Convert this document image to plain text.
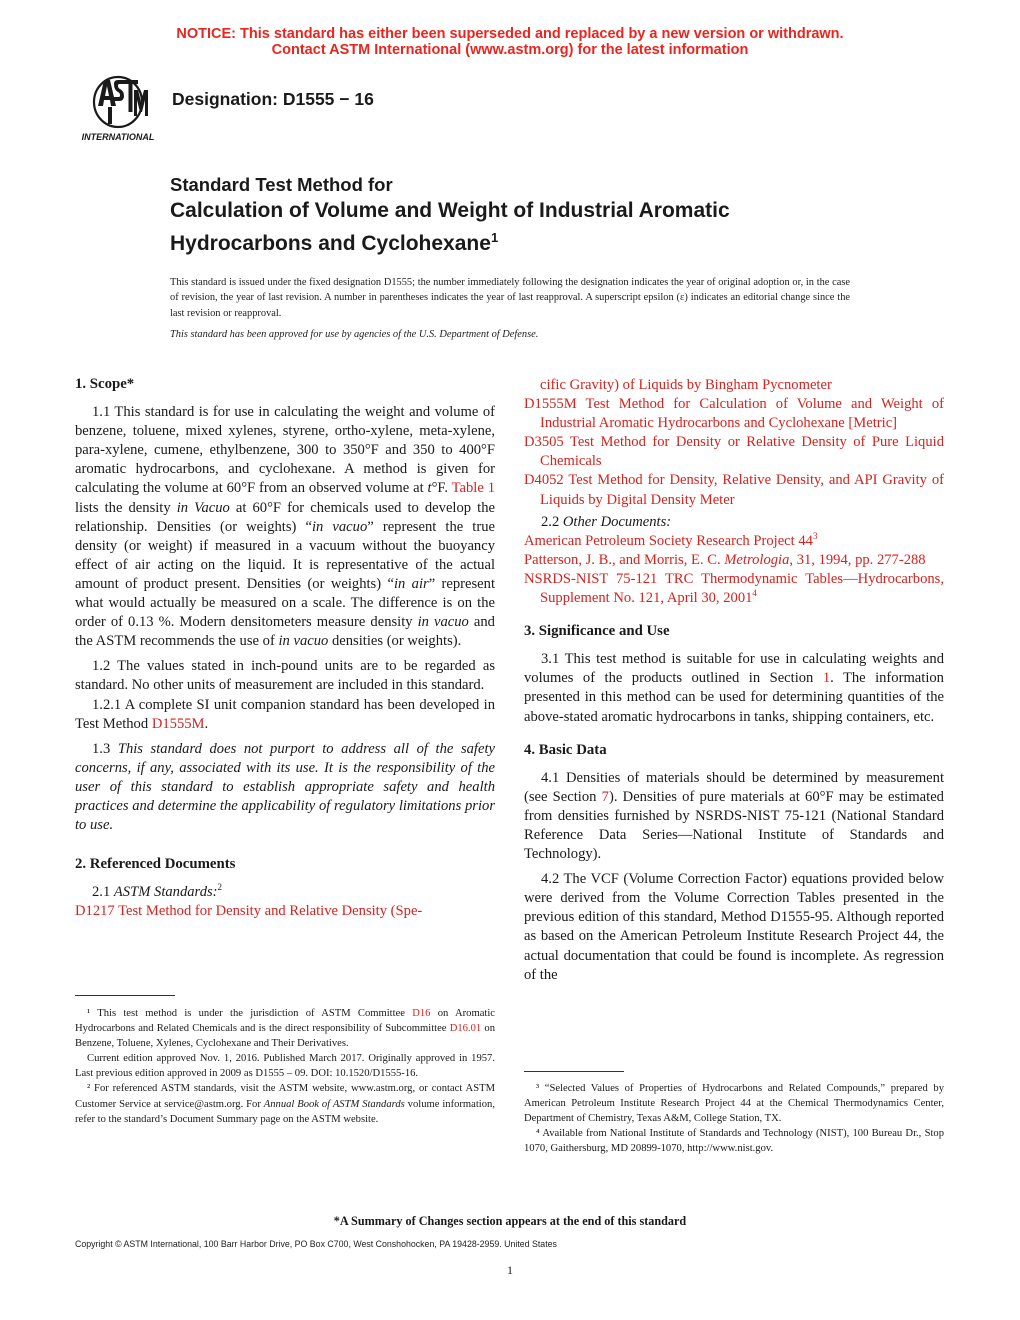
NOTICE: This standard has either been superseded and replaced by a new version or withdrawn.
Contact ASTM International (www.astm.org) for the latest information
INTERNATIONAL
Designation: D1555 − 16
Standard Test Method for
Calculation of Volume and Weight of Industrial Aromatic
Hydrocarbons and Cyclohexane$^1$
This standard is issued under the fixed designation D1555; the number immediately following the designation indicates the year of original adoption or, in the case of revision, the year of last revision. A number in parentheses indicates the year of last reapproval. A superscript epsilon (ε) indicates an editorial change since the last revision or reapproval.
This standard has been approved for use by agencies of the U.S. Department of Defense.
1. Scope*

1.1 This standard is for use in calculating the weight and volume of benzene, toluene, mixed xylenes, styrene, ortho-xylene, meta-xylene, para-xylene, cumene, ethylbenzene, 300 to 350°F and 350 to 400°F aromatic hydrocarbons, and cyclohexane. A method is given for calculating the volume at 60°F from an observed volume at t°F. Table 1 lists the density in Vacuo at 60°F for chemicals used to develop the relationship. Densities (or weights) “in vacuo” represent the true density (or weight) if measured in a vacuum without the buoyancy effect of air acting on the liquid. It is representative of the actual amount of product present. Densities (or weights) “in air” represent what would actually be measured on a scale. The difference is on the order of 0.13 %. Modern densitometers measure density in vacuo and the ASTM recommends the use of in vacuo densities (or weights).

1.2 The values stated in inch-pound units are to be regarded as standard. No other units of measurement are included in this standard.

1.2.1 A complete SI unit companion standard has been developed in Test Method D1555M.

1.3 This standard does not purport to address all of the safety concerns, if any, associated with its use. It is the responsibility of the user of this standard to establish appropriate safety and health practices and determine the applicability of regulatory limitations prior to use.

2. Referenced Documents

2.1 ASTM Standards:$^2$

D1217 Test Method for Density and Relative Density (Spe-

¹ This test method is under the jurisdiction of ASTM Committee D16 on Aromatic Hydrocarbons and Related Chemicals and is the direct responsibility of Subcommittee D16.01 on Benzene, Toluene, Xylenes, Cyclohexane and Their Derivatives.

Current edition approved Nov. 1, 2016. Published March 2017. Originally approved in 1957. Last previous edition approved in 2009 as D1555 – 09. DOI: 10.1520/D1555-16.

² For referenced ASTM standards, visit the ASTM website, www.astm.org, or contact ASTM Customer Service at service@astm.org. For Annual Book of ASTM Standards volume information, refer to the standard’s Document Summary page on the ASTM website.

cific Gravity) of Liquids by Bingham Pycnometer

D1555M Test Method for Calculation of Volume and Weight of Industrial Aromatic Hydrocarbons and Cyclohexane [Metric]

D3505 Test Method for Density or Relative Density of Pure Liquid Chemicals

D4052 Test Method for Density, Relative Density, and API Gravity of Liquids by Digital Density Meter

2.2 Other Documents:

American Petroleum Society Research Project $44^3$

Patterson, J. B., and Morris, E. C. Metrologia, 31, 1994, pp. 277-288

NSRDS-NIST 75-121 TRC Thermodynamic Tables—Hydrocarbons, Supplement No. 121, April 30, 2001$^4$

3. Significance and Use

3.1 This test method is suitable for use in calculating weights and volumes of the products outlined in Section 1. The information presented in this method can be used for determining quantities of the above-stated aromatic hydrocarbons in tanks, shipping containers, etc.

4. Basic Data

4.1 Densities of materials should be determined by measurement (see Section 7). Densities of pure materials at 60°F may be estimated from densities furnished by NSRDS-NIST 75-121 (National Standard Reference Data Series—National Institute of Standards and Technology).

4.2 The VCF (Volume Correction Factor) equations provided below were derived from the Volume Correction Tables presented in the previous edition of this standard, Method D1555-95. Although reported as based on the American Petroleum Institute Research Project 44, the actual documentation that could be found is incomplete. As regression of the

³ “Selected Values of Properties of Hydrocarbons and Related Compounds,” prepared by American Petroleum Institute Research Project 44 at the Chemical Thermodynamics Center, Department of Chemistry, Texas A&M, College Station, TX.

⁴ Available from National Institute of Standards and Technology (NIST), 100 Bureau Dr., Stop 1070, Gaithersburg, MD 20899-1070, http://www.nist.gov.

*A Summary of Changes section appears at the end of this standard
Copyright © ASTM International, 100 Barr Harbor Drive, PO Box C700, West Conshohocken, PA 19428-2959. United States
1
